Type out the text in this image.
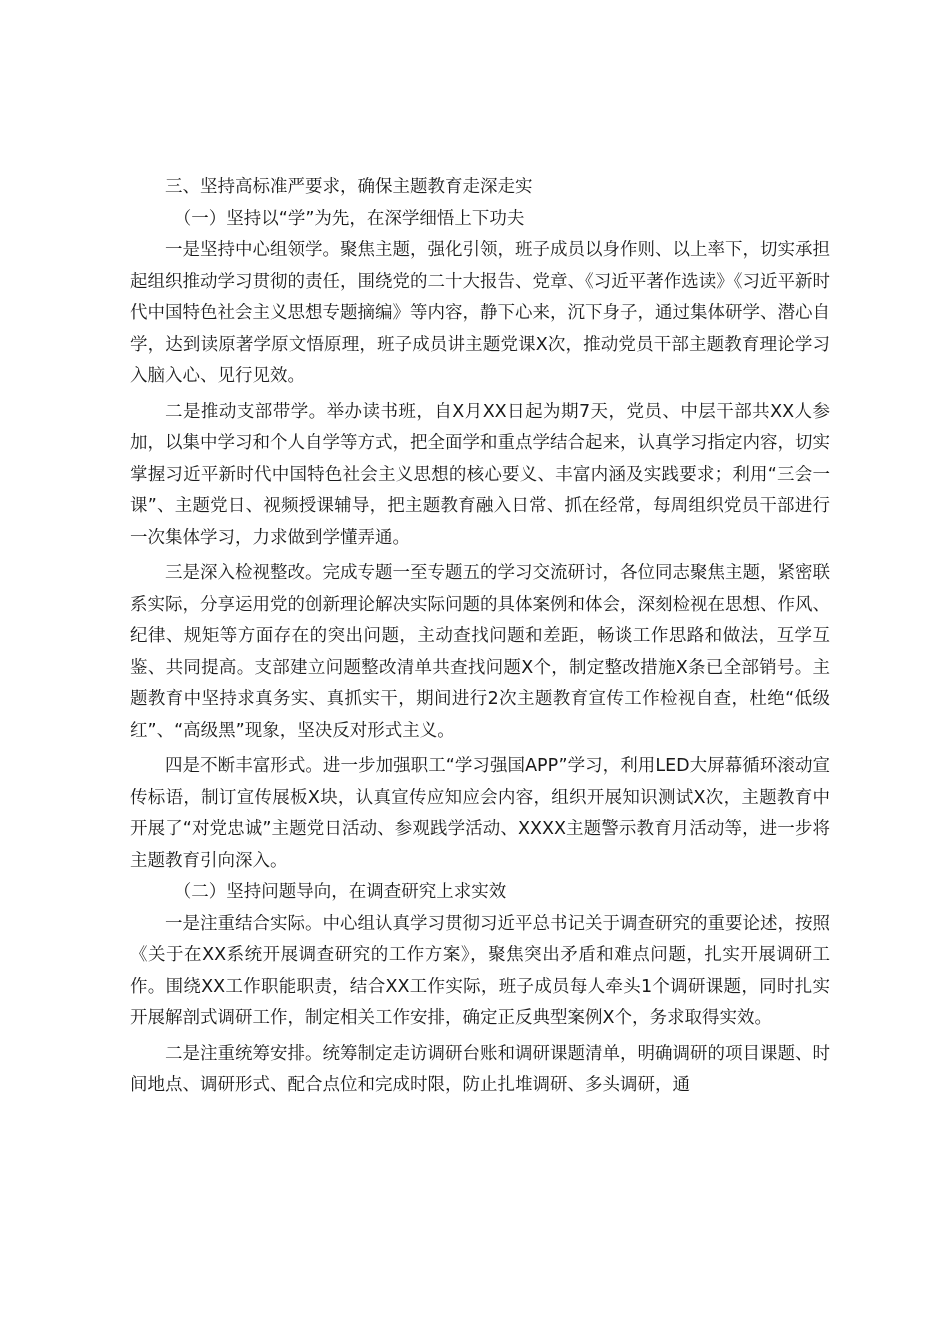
三、坚持高标准严要求，确保主题教育走深走实

（一）坚持以“学”为先，在深学细悟上下功夫

一是坚持中心组领学。聚焦主题，强化引领，班子成员以身作则、以上率下，切实承担起组织推动学习贯彻的责任，围绕党的二十大报告、党章、《习近平著作选读》《习近平新时代中国特色社会主义思想专题摘编》等内容，静下心来，沉下身子，通过集体研学、潜心自学，达到读原著学原文悟原理，班子成员讲主题党课X次，推动党员干部主题教育理论学习入脑入心、见行见效。

二是推动支部带学。举办读书班，自X月XX日起为期7天，党员、中层干部共XX人参加，以集中学习和个人自学等方式，把全面学和重点学结合起来，认真学习指定内容，切实掌握习近平新时代中国特色社会主义思想的核心要义、丰富内涵及实践要求；利用“三会一课”、主题党日、视频授课辅导，把主题教育融入日常、抓在经常，每周组织党员干部进行一次集体学习，力求做到学懂弄通。

三是深入检视整改。完成专题一至专题五的学习交流研讨，各位同志聚焦主题，紧密联系实际，分享运用党的创新理论解决实际问题的具体案例和体会，深刻检视在思想、作风、纪律、规矩等方面存在的突出问题，主动查找问题和差距，畅谈工作思路和做法，互学互鉴、共同提高。支部建立问题整改清单共查找问题X个，制定整改措施X条已全部销号。主题教育中坚持求真务实、真抓实干，期间进行2次主题教育宣传工作检视自查，杜绝“低级红”、“高级黑”现象，坚决反对形式主义。

四是不断丰富形式。进一步加强职工“学习强国APP”学习，利用LED大屏幕循环滚动宣传标语，制订宣传展板X块，认真宣传应知应会内容，组织开展知识测试X次，主题教育中开展了“对党忠诚”主题党日活动、参观践学活动、XXXX主题警示教育月活动等，进一步将主题教育引向深入。

（二）坚持问题导向，在调查研究上求实效

一是注重结合实际。中心组认真学习贯彻习近平总书记关于调查研究的重要论述，按照《关于在XX系统开展调查研究的工作方案》，聚焦突出矛盾和难点问题，扎实开展调研工作。围绕XX工作职能职责，结合XX工作实际，班子成员每人牵头1个调研课题，同时扎实开展解剖式调研工作，制定相关工作安排，确定正反典型案例X个，务求取得实效。

二是注重统筹安排。统筹制定走访调研台账和调研课题清单，明确调研的项目课题、时间地点、调研形式、配合点位和完成时限，防止扎堆调研、多头调研，通
